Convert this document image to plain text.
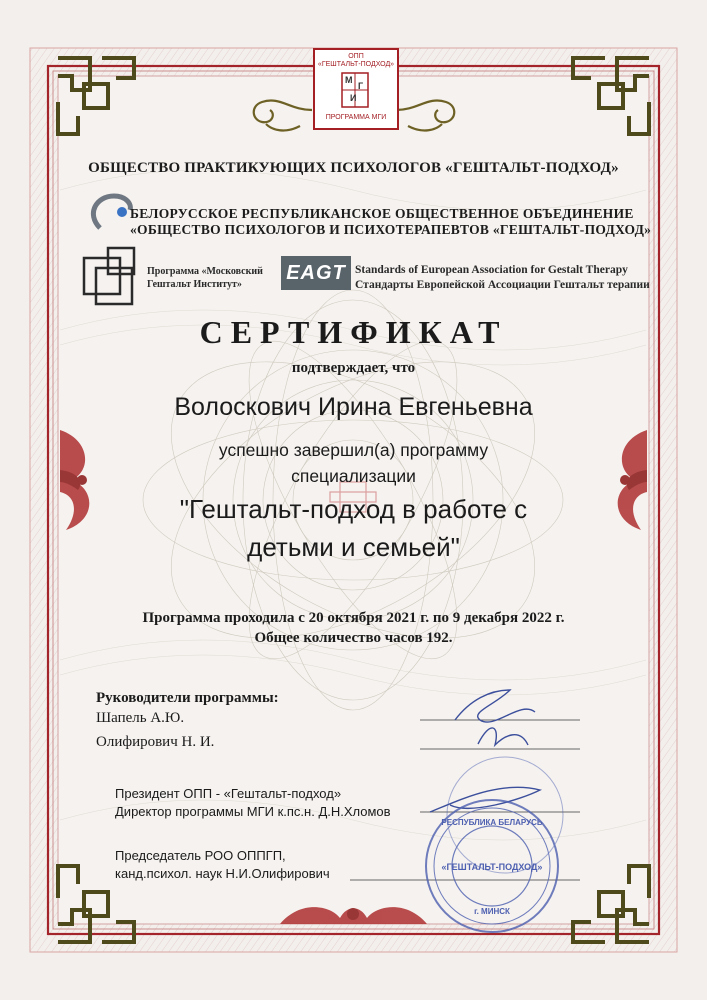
«ГЕШТАЛЬТ-ПОДХОД»
РЕСПУБЛИКА БЕЛАРУСЬ
г. МИНСК
ОПП
«ГЕШТАЛЬТ-ПОДХОД»
М
Г
И
ПРОГРАММА МГИ
ОБЩЕСТВО ПРАКТИКУЮЩИХ ПСИХОЛОГОВ «ГЕШТАЛЬТ-ПОДХОД»
БЕЛОРУССКОЕ РЕСПУБЛИКАНСКОЕ ОБЩЕСТВЕННОЕ ОБЪЕДИНЕНИЕ
«ОБЩЕСТВО ПСИХОЛОГОВ И ПСИХОТЕРАПЕВТОВ «ГЕШТАЛЬТ-ПОДХОД»
Программа «Московский
Гештальт Институт»
EAGT Standards of European Association for Gestalt Therapy
Стандарты Европейской Ассоциации Гештальт терапии
СЕРТИФИКАТ
подтверждает, что
Волоскович Ирина Евгеньевна
успешно завершил(а) программу
специализации
"Гештальт-подход в работе с
детьми и семьей"
Программа проходила с 20 октября 2021 г. по 9 декабря 2022 г.
Общее количество часов 192.
Руководители программы:
Шапель А.Ю.
Олифирович Н. И.
Президент ОПП - «Гештальт-подход»
Директор программы МГИ к.пс.н. Д.Н.Хломов
Председатель РОО ОППГП,
канд.психол. наук Н.И.Олифирович
